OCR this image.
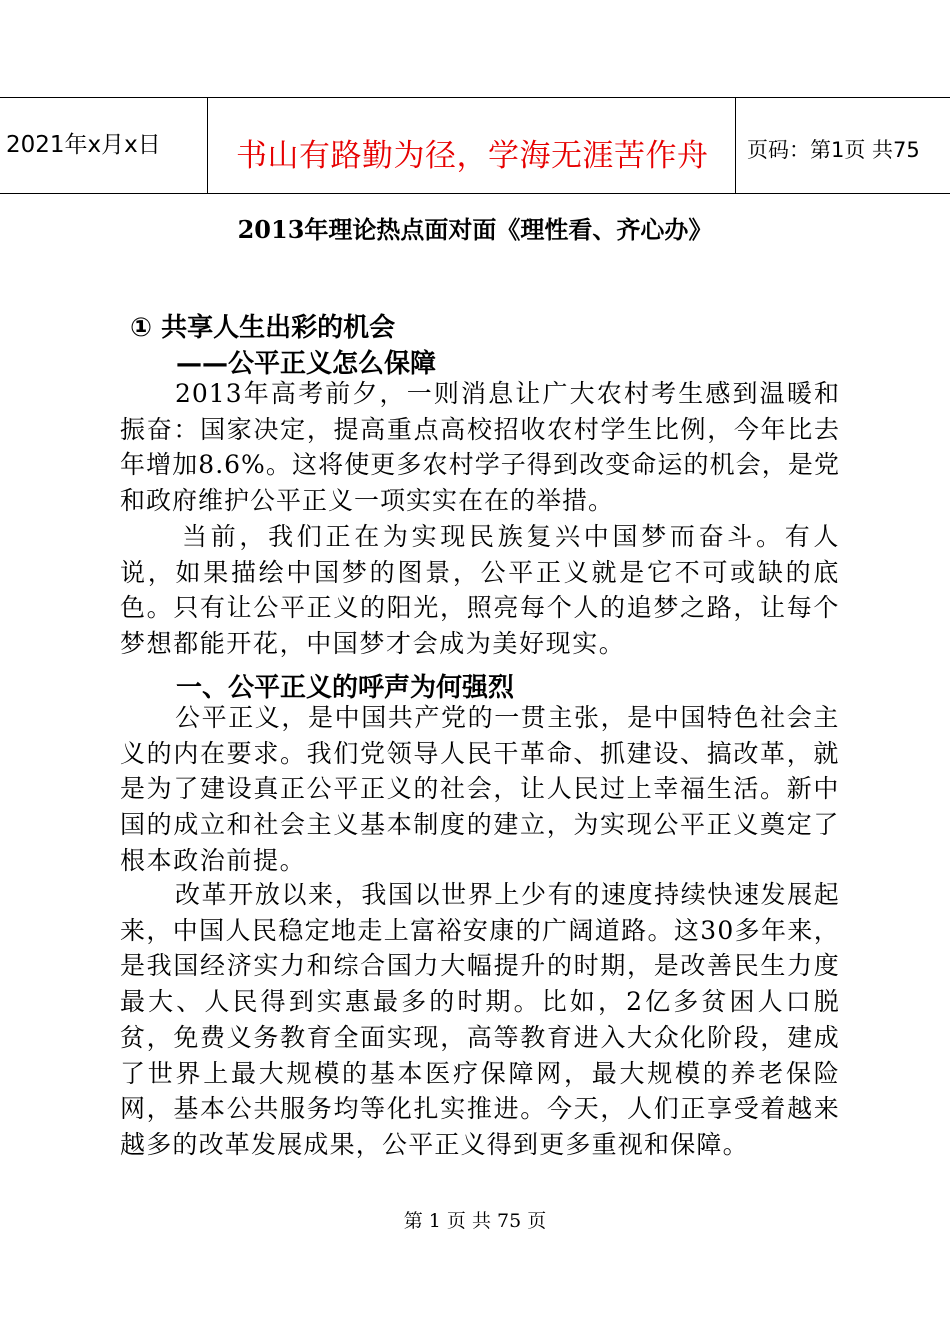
2021年x月x日 书山有路勤为径，学海无涯苦作舟 页码：第1页 共75
2013年理论热点面对面《理性看、齐心办》
① 共享人生出彩的机会
——公平正义怎么保障
2013年高考前夕，一则消息让广大农村考生感到温暖和振奋：国家决定，提高重点高校招收农村学生比例，今年比去年增加8.6%。这将使更多农村学子得到改变命运的机会，是党和政府维护公平正义一项实实在在的举措。
当前，我们正在为实现民族复兴中国梦而奋斗。有人说，如果描绘中国梦的图景，公平正义就是它不可或缺的底色。只有让公平正义的阳光，照亮每个人的追梦之路，让每个梦想都能开花，中国梦才会成为美好现实。
一、公平正义的呼声为何强烈
公平正义，是中国共产党的一贯主张，是中国特色社会主义的内在要求。我们党领导人民干革命、抓建设、搞改革，就是为了建设真正公平正义的社会，让人民过上幸福生活。新中国的成立和社会主义基本制度的建立，为实现公平正义奠定了根本政治前提。
改革开放以来，我国以世界上少有的速度持续快速发展起来，中国人民稳定地走上富裕安康的广阔道路。这30多年来，是我国经济实力和综合国力大幅提升的时期，是改善民生力度最大、人民得到实惠最多的时期。比如，2亿多贫困人口脱贫，免费义务教育全面实现，高等教育进入大众化阶段，建成了世界上最大规模的基本医疗保障网，最大规模的养老保险网，基本公共服务均等化扎实推进。今天，人们正享受着越来越多的改革发展成果，公平正义得到更多重视和保障。
第 1 页 共 75 页
